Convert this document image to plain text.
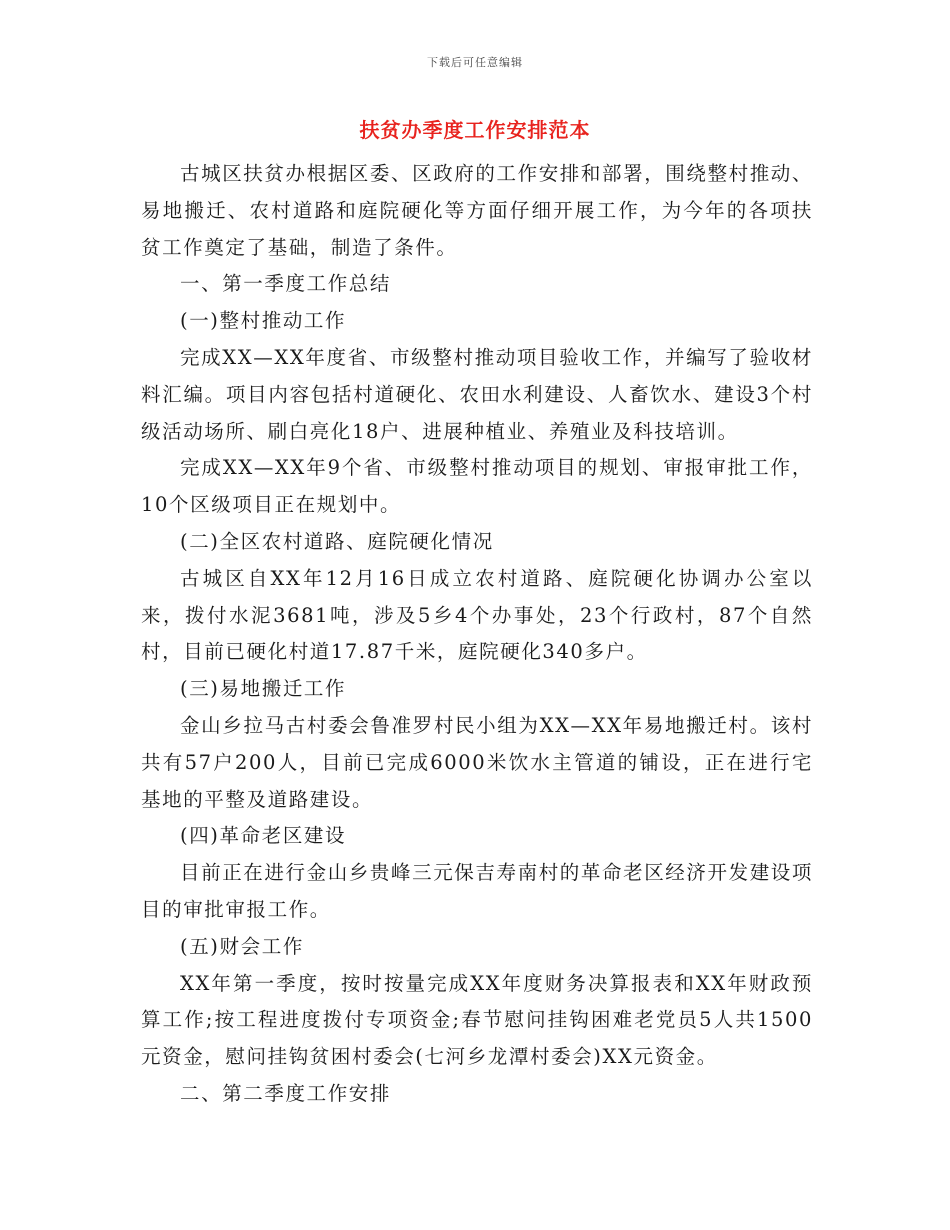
下载后可任意编辑
扶贫办季度工作安排范本

古城区扶贫办根据区委、区政府的工作安排和部署，围绕整村推动、易地搬迁、农村道路和庭院硬化等方面仔细开展工作，为今年的各项扶贫工作奠定了基础，制造了条件。

一、第一季度工作总结

(一)整村推动工作

完成XX—XX年度省、市级整村推动项目验收工作，并编写了验收材料汇编。项目内容包括村道硬化、农田水利建设、人畜饮水、建设3个村级活动场所、刷白亮化18户、进展种植业、养殖业及科技培训。

完成XX—XX年9个省、市级整村推动项目的规划、审报审批工作，10个区级项目正在规划中。

(二)全区农村道路、庭院硬化情况

古城区自XX年12月16日成立农村道路、庭院硬化协调办公室以来，拨付水泥3681吨，涉及5乡4个办事处，23个行政村，87个自然村，目前已硬化村道17.87千米，庭院硬化340多户。

(三)易地搬迁工作

金山乡拉马古村委会鲁准罗村民小组为XX—XX年易地搬迁村。该村共有57户200人，目前已完成6000米饮水主管道的铺设，正在进行宅基地的平整及道路建设。

(四)革命老区建设

目前正在进行金山乡贵峰三元保吉寿南村的革命老区经济开发建设项目的审批审报工作。

(五)财会工作

XX年第一季度，按时按量完成XX年度财务决算报表和XX年财政预算工作;按工程进度拨付专项资金;春节慰问挂钩困难老党员5人共1500元资金，慰问挂钩贫困村委会(七河乡龙潭村委会)XX元资金。

二、第二季度工作安排
